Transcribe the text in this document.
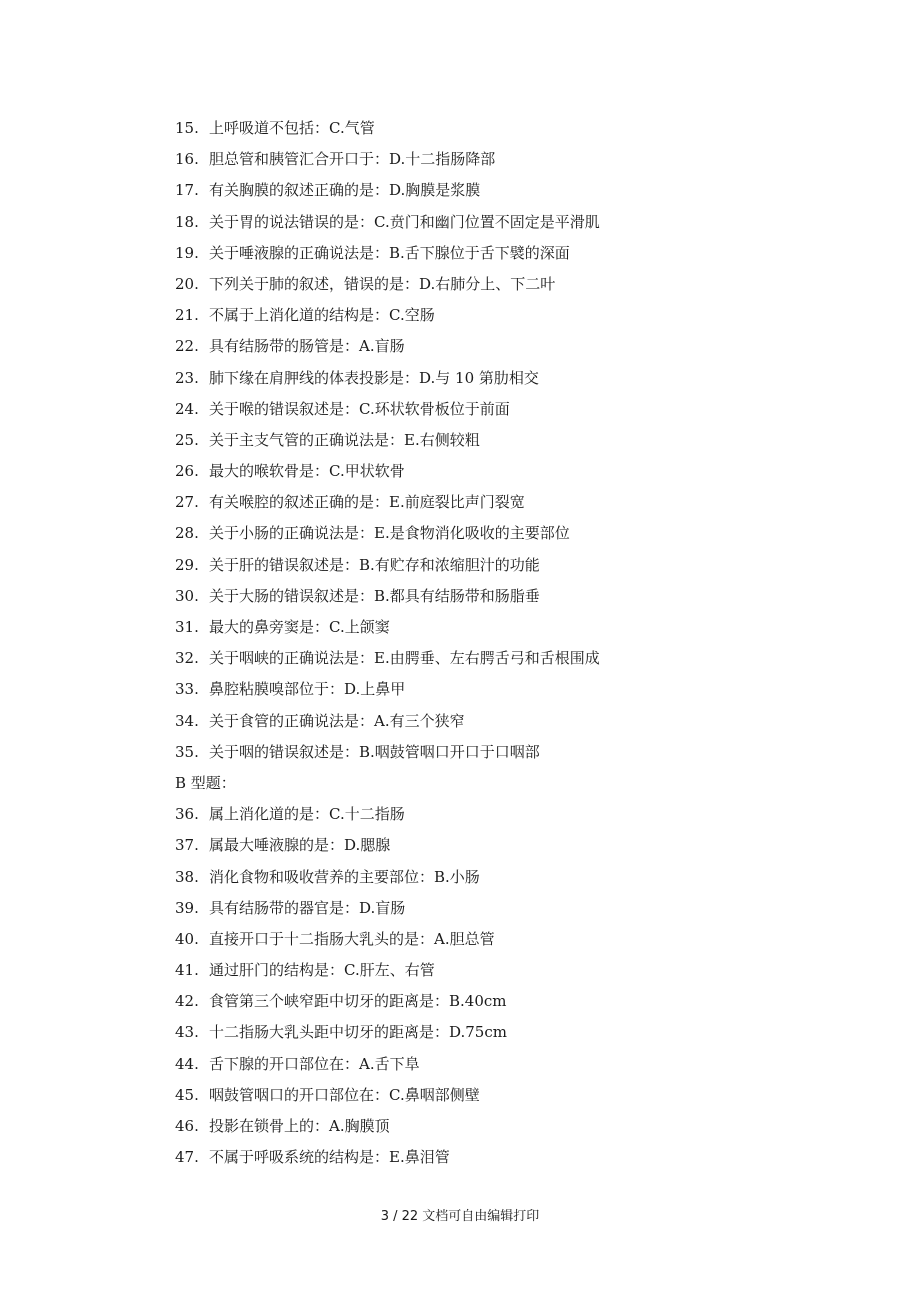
15. 上呼吸道不包括：C.气管
16. 胆总管和胰管汇合开口于：D.十二指肠降部
17. 有关胸膜的叙述正确的是：D.胸膜是浆膜
18. 关于胃的说法错误的是：C.贲门和幽门位置不固定是平滑肌
19. 关于唾液腺的正确说法是：B.舌下腺位于舌下襞的深面
20. 下列关于肺的叙述，错误的是：D.右肺分上、下二叶
21. 不属于上消化道的结构是：C.空肠
22. 具有结肠带的肠管是：A.盲肠
23. 肺下缘在肩胛线的体表投影是：D.与 10 第肋相交
24. 关于喉的错误叙述是：C.环状软骨板位于前面
25. 关于主支气管的正确说法是：E.右侧较粗
26. 最大的喉软骨是：C.甲状软骨
27. 有关喉腔的叙述正确的是：E.前庭裂比声门裂宽
28. 关于小肠的正确说法是：E.是食物消化吸收的主要部位
29. 关于肝的错误叙述是：B.有贮存和浓缩胆汁的功能
30. 关于大肠的错误叙述是：B.都具有结肠带和肠脂垂
31. 最大的鼻旁窦是：C.上颌窦
32. 关于咽峡的正确说法是：E.由腭垂、左右腭舌弓和舌根围成
33. 鼻腔粘膜嗅部位于：D.上鼻甲
34. 关于食管的正确说法是：A.有三个狭窄
35. 关于咽的错误叙述是：B.咽鼓管咽口开口于口咽部
B 型题：
36. 属上消化道的是：C.十二指肠
37. 属最大唾液腺的是：D.腮腺
38. 消化食物和吸收营养的主要部位：B.小肠
39. 具有结肠带的器官是：D.盲肠
40. 直接开口于十二指肠大乳头的是：A.胆总管
41. 通过肝门的结构是：C.肝左、右管
42. 食管第三个峡窄距中切牙的距离是：B.40cm
43. 十二指肠大乳头距中切牙的距离是：D.75cm
44. 舌下腺的开口部位在：A.舌下阜
45. 咽鼓管咽口的开口部位在：C.鼻咽部侧壁
46. 投影在锁骨上的：A.胸膜顶
47. 不属于呼吸系统的结构是：E.鼻泪管
3 / 22 文档可自由编辑打印
